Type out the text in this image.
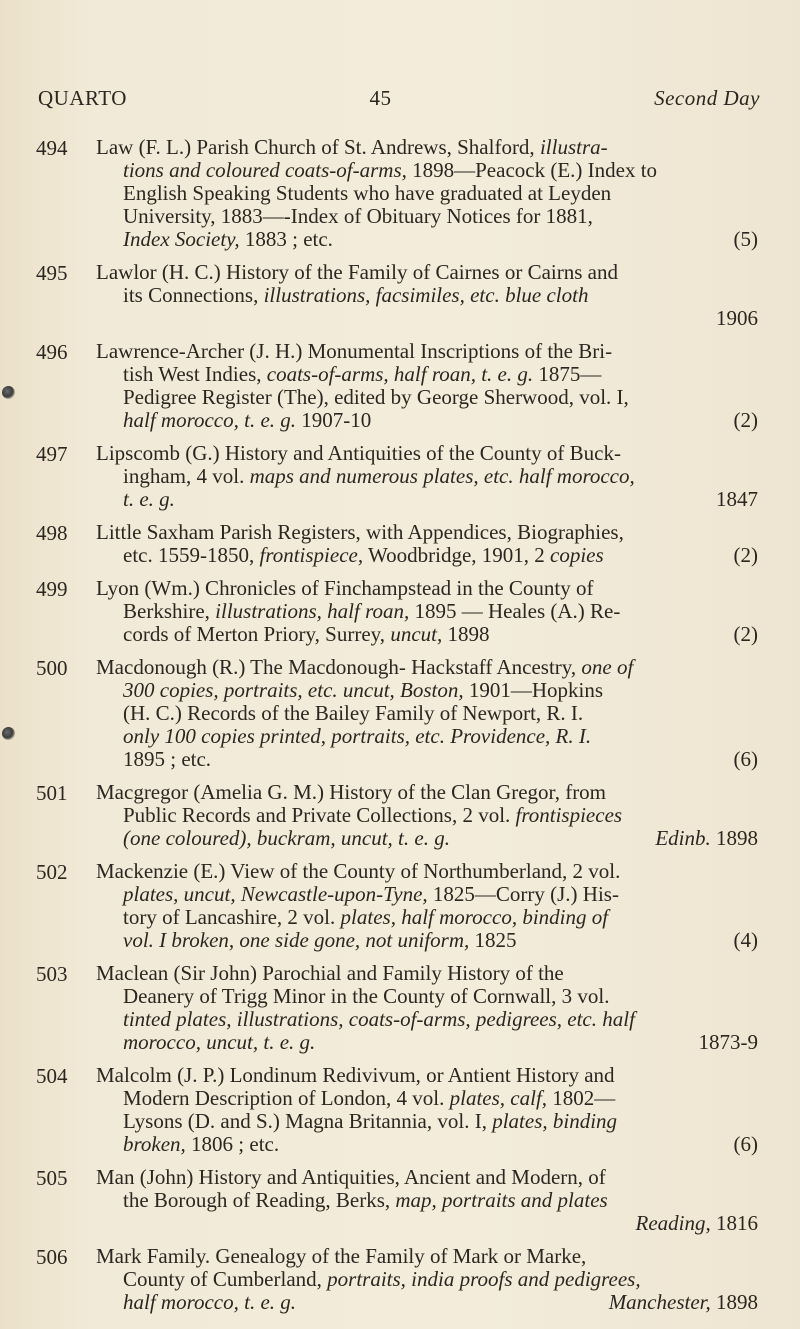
QUARTO	45	Second Day
494	Law (F. L.) Parish Church of St. Andrews, Shalford, illustra-
tions and coloured coats-of-arms, 1898—Peacock (E.) Index to
English Speaking Students who have graduated at Leyden
University, 1883—-Index of Obituary Notices for 1881,
Index Society, 1883 ; etc.	(5)
495	Lawlor (H. C.) History of the Family of Cairnes or Cairns and
its Connections, illustrations, facsimiles, etc. blue cloth
1906
496	Lawrence-Archer (J. H.) Monumental Inscriptions of the Bri-
tish West Indies, coats-of-arms, half roan, t. e. g. 1875—
Pedigree Register (The), edited by George Sherwood, vol. I,
half morocco, t. e. g. 1907-10	(2)
497	Lipscomb (G.) History and Antiquities of the County of Buck-
ingham, 4 vol. maps and numerous plates, etc. half morocco,
t. e. g.	1847
498	Little Saxham Parish Registers, with Appendices, Biographies,
etc. 1559-1850, frontispiece, Woodbridge, 1901, 2 copies	(2)
499	Lyon (Wm.) Chronicles of Finchampstead in the County of
Berkshire, illustrations, half roan, 1895 — Heales (A.) Re-
cords of Merton Priory, Surrey, uncut, 1898	(2)
500	Macdonough (R.) The Macdonough- Hackstaff Ancestry, one of
300 copies, portraits, etc. uncut, Boston, 1901—Hopkins
(H. C.) Records of the Bailey Family of Newport, R. I.
only 100 copies printed, portraits, etc. Providence, R. I.
1895 ; etc.	(6)
501	Macgregor (Amelia G. M.) History of the Clan Gregor, from
Public Records and Private Collections, 2 vol. frontispieces
(one coloured), buckram, uncut, t. e. g.	Edinb. 1898
502	Mackenzie (E.) View of the County of Northumberland, 2 vol.
plates, uncut, Newcastle-upon-Tyne, 1825—Corry (J.) His-
tory of Lancashire, 2 vol. plates, half morocco, binding of
vol. I broken, one side gone, not uniform, 1825	(4)
503	Maclean (Sir John) Parochial and Family History of the
Deanery of Trigg Minor in the County of Cornwall, 3 vol.
tinted plates, illustrations, coats-of-arms, pedigrees, etc. half
morocco, uncut, t. e. g.	1873-9
504	Malcolm (J. P.) Londinum Redivivum, or Antient History and
Modern Description of London, 4 vol. plates, calf, 1802—
Lysons (D. and S.) Magna Britannia, vol. I, plates, binding
broken, 1806 ; etc.	(6)
505	Man (John) History and Antiquities, Ancient and Modern, of
the Borough of Reading, Berks, map, portraits and plates
Reading, 1816
506	Mark Family. Genealogy of the Family of Mark or Marke,
County of Cumberland, portraits, india proofs and pedigrees,
half morocco, t. e. g.	Manchester, 1898
